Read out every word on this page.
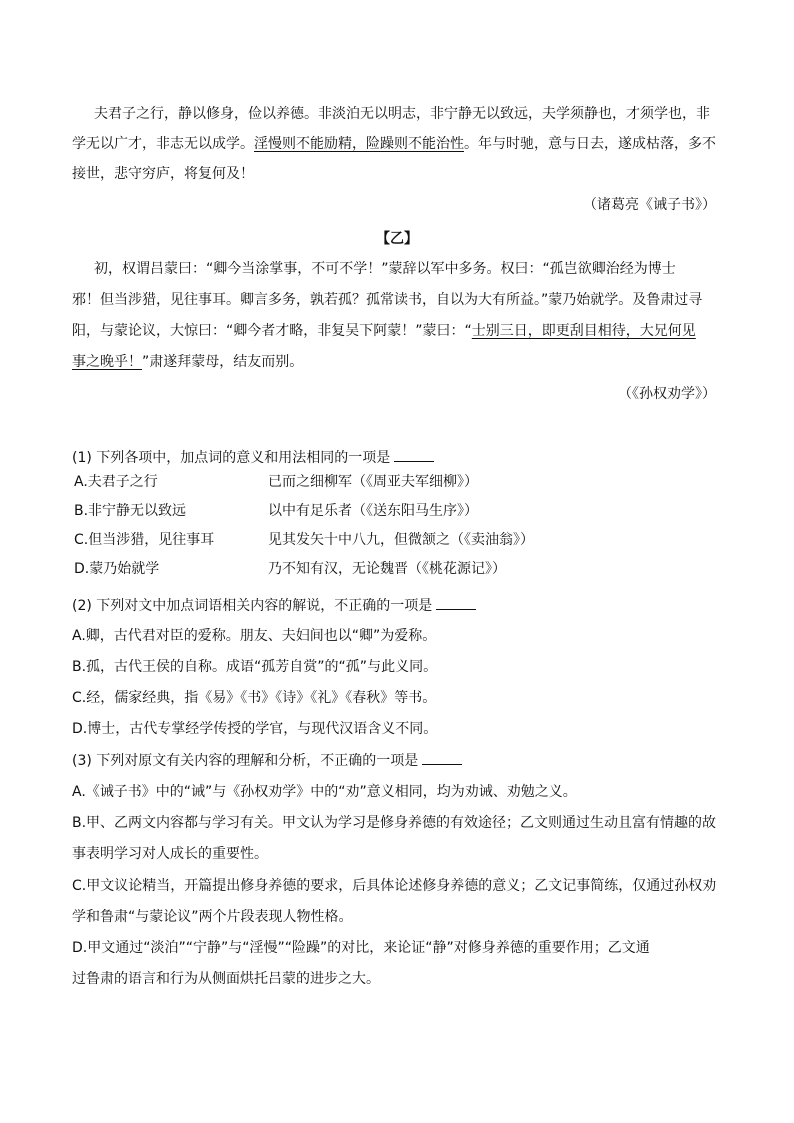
夫君子之行，静以修身，俭以养德。非淡泊无以明志，非宁静无以致远，夫学须静也，才须学也，非
学无以广才，非志无以成学。淫慢则不能励精，险躁则不能治性。年与时驰，意与日去，遂成枯落，多不
接世，悲守穷庐，将复何及！
（诸葛亮《诫子书》）
【乙】
初，权谓吕蒙曰：“卿今当涂掌事，不可不学！”蒙辞以军中多务。权曰：“孤岂欲卿治经为博士
邪！但当涉猎，见往事耳。卿言多务，孰若孤？孤常读书，自以为大有所益。”蒙乃始就学。及鲁肃过寻
阳，与蒙论议，大惊曰：“卿今者才略，非复吴下阿蒙！”蒙曰：“士别三日，即更刮目相待，大兄何见
事之晚乎！”肃遂拜蒙母，结友而别。
（《孙权劝学》）
(1) 下列各项中，加点词的意义和用法相同的一项是
A.夫君子之行	已而之细柳军（《周亚夫军细柳》）
B.非宁静无以致远	以中有足乐者（《送东阳马生序》）
C.但当涉猎，见往事耳	见其发矢十中八九，但微颔之（《卖油翁》）
D.蒙乃始就学	乃不知有汉，无论魏晋（《桃花源记》）
(2) 下列对文中加点词语相关内容的解说，不正确的一项是
A.卿，古代君对臣的爱称。朋友、夫妇间也以“卿”为爱称。
B.孤，古代王侯的自称。成语“孤芳自赏”的“孤”与此义同。
C.经，儒家经典，指《易》《书》《诗》《礼》《春秋》等书。
D.博士，古代专掌经学传授的学官，与现代汉语含义不同。
(3) 下列对原文有关内容的理解和分析，不正确的一项是
A.《诫子书》中的“诫”与《孙权劝学》中的“劝”意义相同，均为劝诫、劝勉之义。
B.甲、乙两文内容都与学习有关。甲文认为学习是修身养德的有效途径；乙文则通过生动且富有情趣的故
事表明学习对人成长的重要性。
C.甲文议论精当，开篇提出修身养德的要求，后具体论述修身养德的意义；乙文记事简练，仅通过孙权劝
学和鲁肃“与蒙论议”两个片段表现人物性格。
D.甲文通过“淡泊”“宁静”与“淫慢”“险躁”的对比，来论证“静”对修身养德的重要作用；乙文通
过鲁肃的语言和行为从侧面烘托吕蒙的进步之大。
